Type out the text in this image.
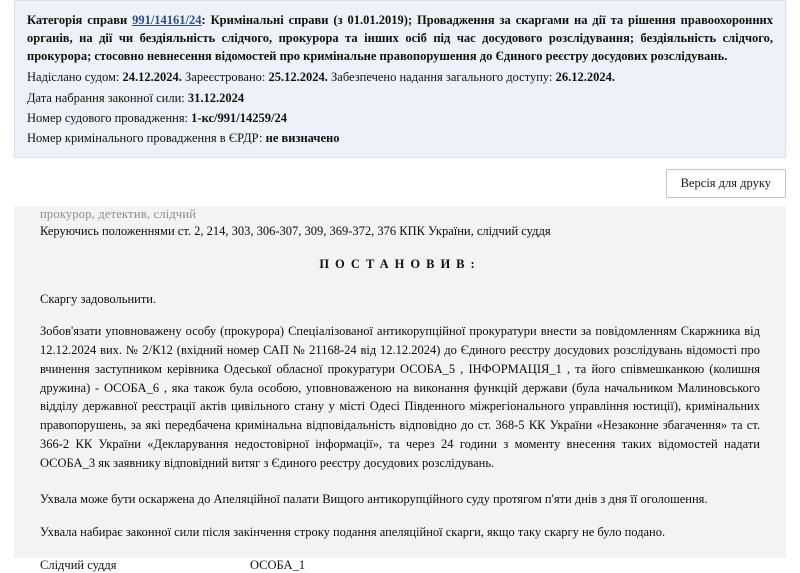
Категорія справи 991/14161/24: Кримінальні справи (з 01.01.2019); Провадження за скаргами на дії та рішення правоохоронних органів, на дії чи бездіяльність слідчого, прокурора та інших осіб під час досудового розслідування; бездіяльність слідчого, прокурора; стосовно невнесення відомостей про кримінальне правопорушення до Єдиного реєстру досудових розслідувань.

Надіслано судом: 24.12.2024. Зареєстровано: 25.12.2024. Забезпечено надання загального доступу: 26.12.2024.

Дата набрання законної сили: 31.12.2024

Номер судового провадження: 1-кс/991/14259/24

Номер кримінального провадження в ЄРДР: не визначено

Версія для друку
прокурор, детектив, слідчий

Керуючись положеннями ст. 2, 214, 303, 306-307, 309, 369-372, 376 КПК України, слідчий суддя

ПОСТАНОВИВ:

Скаргу задовольнити.

Зобов'язати уповноважену особу (прокурора) Спеціалізованої антикорупційної прокуратури внести за повідомленням Скаржника від 12.12.2024 вих. № 2/К12 (вхідний номер САП № 21168-24 від 12.12.2024) до Єдиного реєстру досудових розслідувань відомості про вчинення заступником керівника Одеської обласної прокуратури ОСОБА_5 , ІНФОРМАЦІЯ_1 , та його співмешканкою (колишня дружина) - ОСОБА_6 , яка також була особою, уповноваженою на виконання функцій держави (була начальником Малиновського відділу державної реєстрації актів цивільного стану у місті Одесі Південного міжрегіонального управління юстиції), кримінальних правопорушень, за які передбачена кримінальна відповідальність відповідно до ст. 368-5 КК України «Незаконне збагачення» та ст. 366-2 КК України «Декларування недостовірної інформації», та через 24 години з моменту внесення таких відомостей надати ОСОБА_3 як заявнику відповідний витяг з Єдиного реєстру досудових розслідувань.

Ухвала може бути оскаржена до Апеляційної палати Вищого антикорупційного суду протягом п'яти днів з дня її оголошення.

Ухвала набирає законної сили після закінчення строку подання апеляційної скарги, якщо таку скаргу не було подано.

Слідчий суддя	ОСОБА_1
